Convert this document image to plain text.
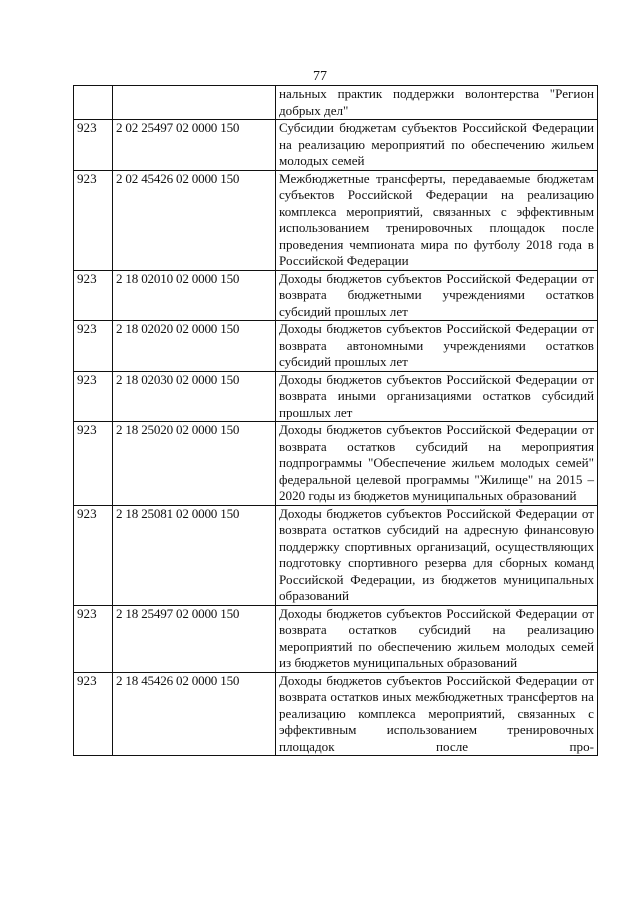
77
		нальных практик поддержки волонтерства "Регион добрых дел"
923	2 02 25497 02 0000 150	Субсидии бюджетам субъектов Российской Федерации на реализацию мероприятий по обеспечению жильем молодых семей
923	2 02 45426 02 0000 150	Межбюджетные трансферты, передаваемые бюджетам субъектов Российской Федерации на реализацию комплекса мероприятий, связанных с эффективным использованием тренировочных площадок после проведения чемпионата мира по футболу 2018 года в Российской Федерации
923	2 18 02010 02 0000 150	Доходы бюджетов субъектов Российской Федерации от возврата бюджетными учреждениями остатков субсидий прошлых лет
923	2 18 02020 02 0000 150	Доходы бюджетов субъектов Российской Федерации от возврата автономными учреждениями остатков субсидий прошлых лет
923	2 18 02030 02 0000 150	Доходы бюджетов субъектов Российской Федерации от возврата иными организациями остатков субсидий прошлых лет
923	2 18 25020 02 0000 150	Доходы бюджетов субъектов Российской Федерации от возврата остатков субсидий на мероприятия подпрограммы "Обеспечение жильем молодых семей" федеральной целевой программы "Жилище" на 2015 – 2020 годы из бюджетов муниципальных образований
923	2 18 25081 02 0000 150	Доходы бюджетов субъектов Российской Федерации от возврата остатков субсидий на адресную финансовую поддержку спортивных организаций, осуществляющих подготовку спортивного резерва для сборных команд Российской Федерации, из бюджетов муниципальных образований
923	2 18 25497 02 0000 150	Доходы бюджетов субъектов Российской Федерации от возврата остатков субсидий на реализацию мероприятий по обеспечению жильем молодых семей из бюджетов муниципальных образований
923	2 18 45426 02 0000 150	Доходы бюджетов субъектов Российской Федерации от возврата остатков иных межбюджетных трансфертов на реализацию комплекса мероприятий, связанных с эффективным использованием тренировочных площадок после про-
